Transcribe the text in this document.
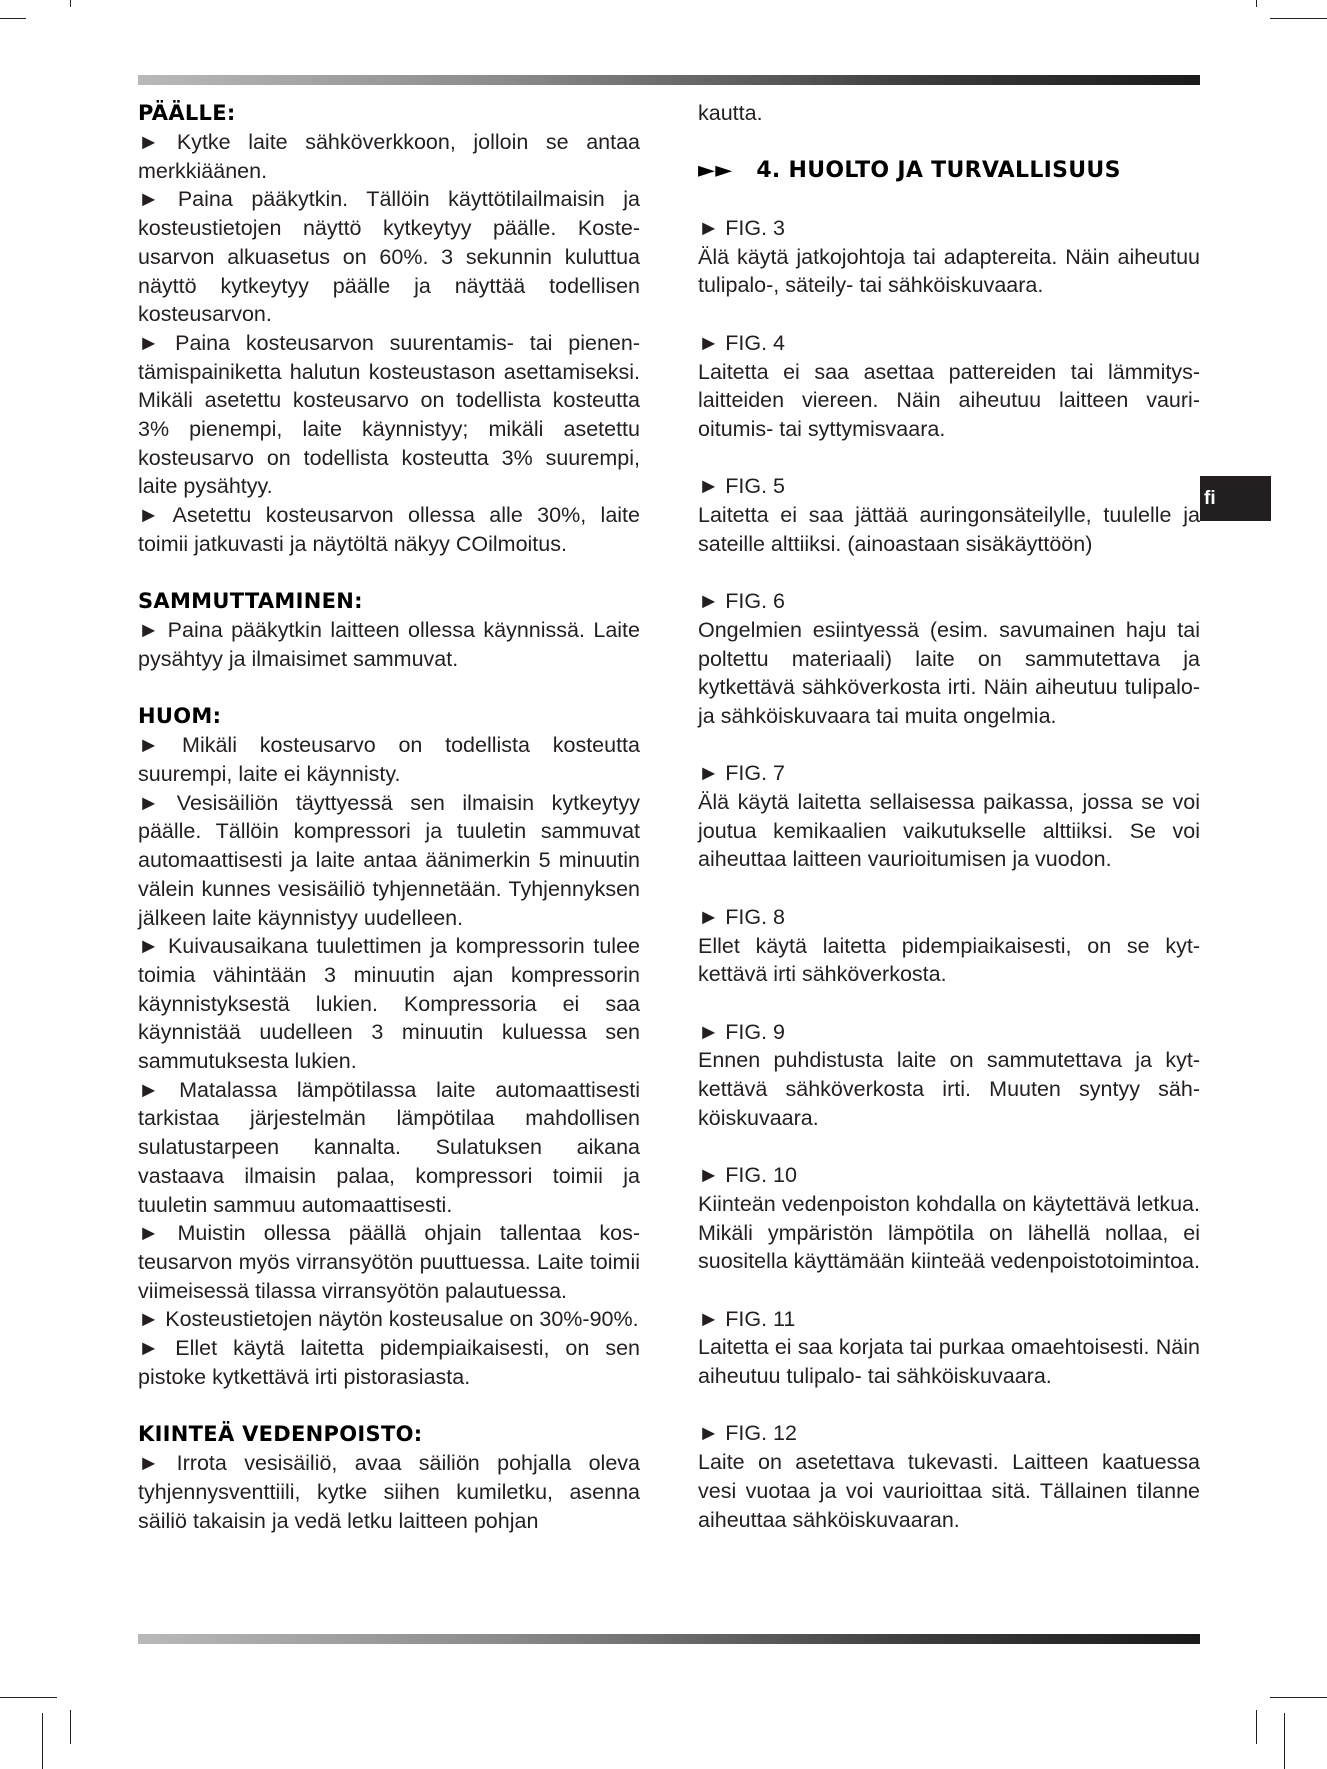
fi
PÄÄLLE:
► Kytke laite sähköverkkoon, jolloin se antaa merkkiäänen.
► Paina pääkytkin. Tällöin käyttötilailmaisin ja kosteustietojen näyttö kytkeytyy päälle. Kosteusarvon alkuasetus on 60%. 3 sekunnin kuluttua näyttö kytkeytyy päälle ja näyttää todellisen kosteusarvon.
► Paina kosteusarvon suurentamis- tai pienentämispainiketta halutun kosteustason asettamiseksi. Mikäli asetettu kosteusarvo on todellista kosteutta 3% pienempi, laite käynnistyy; mikäli asetettu kosteusarvo on todellista kosteutta 3% suurempi, laite pysähtyy.
► Asetettu kosteusarvon ollessa alle 30%, laite toimii jatkuvasti ja näytöltä näkyy COilmoitus.
SAMMUTTAMINEN:
► Paina pääkytkin laitteen ollessa käynnissä. Laite pysähtyy ja ilmaisimet sammuvat.
HUOM:
► Mikäli kosteusarvo on todellista kosteutta suurempi, laite ei käynnisty.
► Vesisäiliön täyttyessä sen ilmaisin kytkeytyy päälle. Tällöin kompressori ja tuuletin sammuvat automaattisesti ja laite antaa äänimerkin 5 minuutin välein kunnes vesisäiliö tyhjennetään. Tyhjennyksen jälkeen laite käynnistyy uudelleen.
► Kuivausaikana tuulettimen ja kompressorin tulee toimia vähintään 3 minuutin ajan kompressorin käynnistyksestä lukien. Kompressoria ei saa käynnistää uudelleen 3 minuutin kuluessa sen sammutuksesta lukien.
► Matalassa lämpötilassa laite automaattisesti tarkistaa järjestelmän lämpötilaa mahdollisen sulatustarpeen kannalta. Sulatuksen aikana vastaava ilmaisin palaa, kompressori toimii ja tuuletin sammuu automaattisesti.
► Muistin ollessa päällä ohjain tallentaa kosteusarvon myös virransyötön puuttuessa. Laite toimii viimeisessä tilassa virransyötön palautuessa.
► Kosteustietojen näytön kosteusalue on 30%-90%.
► Ellet käytä laitetta pidempiaikaisesti, on sen pistoke kytkettävä irti pistorasiasta.
KIINTEÄ VEDENPOISTO:
► Irrota vesisäiliö, avaa säiliön pohjalla oleva tyhjennysventtiili, kytke siihen kumiletku, asenna säiliö takaisin ja vedä letku laitteen pohjan
kautta.
►►   4. HUOLTO JA TURVALLISUUS
► FIG. 3
Älä käytä jatkojohtoja tai adaptereita. Näin aiheutuu tulipalo-, säteily- tai sähköiskuvaara.
► FIG. 4
Laitetta ei saa asettaa pattereiden tai lämmityslaitteiden viereen. Näin aiheutuu laitteen vaurioitumis- tai syttymisvaara.
► FIG. 5
Laitetta ei saa jättää auringonsäteilylle, tuulelle ja sateille alttiiksi. (ainoastaan sisäkäyttöön)
► FIG. 6
Ongelmien esiintyessä (esim. savumainen haju tai poltettu materiaali) laite on sammutettava ja kytkettävä sähköverkosta irti. Näin aiheutuu tulipalo- ja sähköiskuvaara tai muita ongelmia.
► FIG. 7
Älä käytä laitetta sellaisessa paikassa, jossa se voi joutua kemikaalien vaikutukselle alttiiksi. Se voi aiheuttaa laitteen vaurioitumisen ja vuodon.
► FIG. 8
Ellet käytä laitetta pidempiaikaisesti, on se kytkettävä irti sähköverkosta.
► FIG. 9
Ennen puhdistusta laite on sammutettava ja kytkettävä sähköverkosta irti. Muuten syntyy sähköiskuvaara.
► FIG. 10
Kiinteän vedenpoiston kohdalla on käytettävä letkua. Mikäli ympäristön lämpötila on lähellä nollaa, ei suositella käyttämään kiinteää vedenpoistotoimintoa.
► FIG. 11
Laitetta ei saa korjata tai purkaa omaehtoisesti. Näin aiheutuu tulipalo- tai sähköiskuvaara.
► FIG. 12
Laite on asetettava tukevasti. Laitteen kaatuessa vesi vuotaa ja voi vaurioittaa sitä. Tällainen tilanne aiheuttaa sähköiskuvaaran.
